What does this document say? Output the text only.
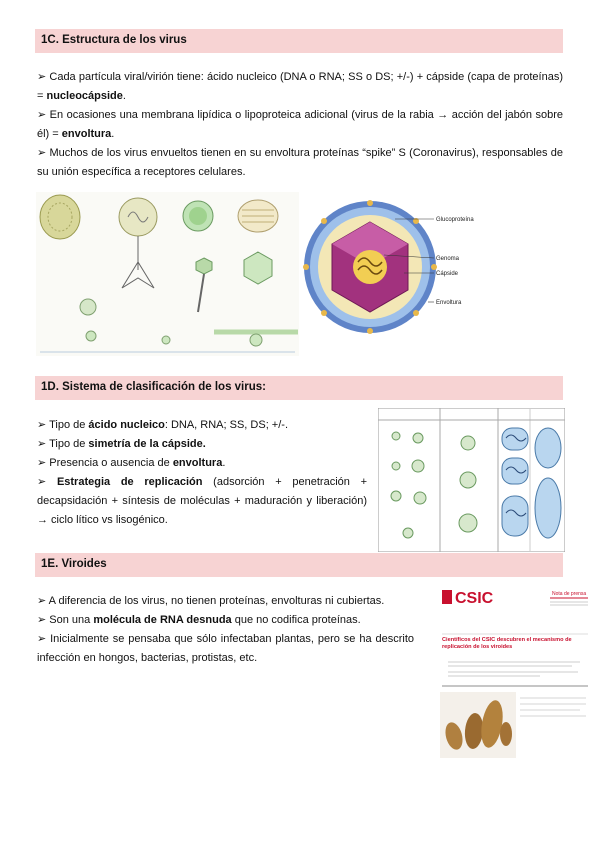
1C. Estructura de los virus

➢ Cada partícula viral/virión tiene: ácido nucleico (DNA o RNA; SS o DS; +/-) + cápside (capa de proteínas) = nucleocápside.

➢ En ocasiones una membrana lipídica o lipoproteica adicional (virus de la rabia → acción del jabón sobre él) = envoltura.

➢ Muchos de los virus envueltos tienen en su envoltura proteínas “spike” S (Coronavirus), responsables de su unión específica a receptores celulares.

Glucoproteína
Genoma
Cápside
Envoltura
1D. Sistema de clasificación de los virus:

➢ Tipo de ácido nucleico: DNA, RNA; SS, DS; +/-.

➢ Tipo de simetría de la cápside.

➢ Presencia o ausencia de envoltura.

➢ Estrategia de replicación (adsorción + penetración + decapsidación + síntesis de moléculas + maduración y liberación) → ciclo lítico vs lisogénico.

1E. Viroides

➢ A diferencia de los virus, no tienen proteínas, envolturas ni cubiertas.

➢ Son una molécula de RNA desnuda que no codifica proteínas.

➢ Inicialmente se pensaba que sólo infectaban plantas, pero se ha descrito infección en hongos, bacterias, protistas, etc.

CSIC	Nota de prensa
Científicos del CSIC descubren el mecanismo de replicación de los viroides
